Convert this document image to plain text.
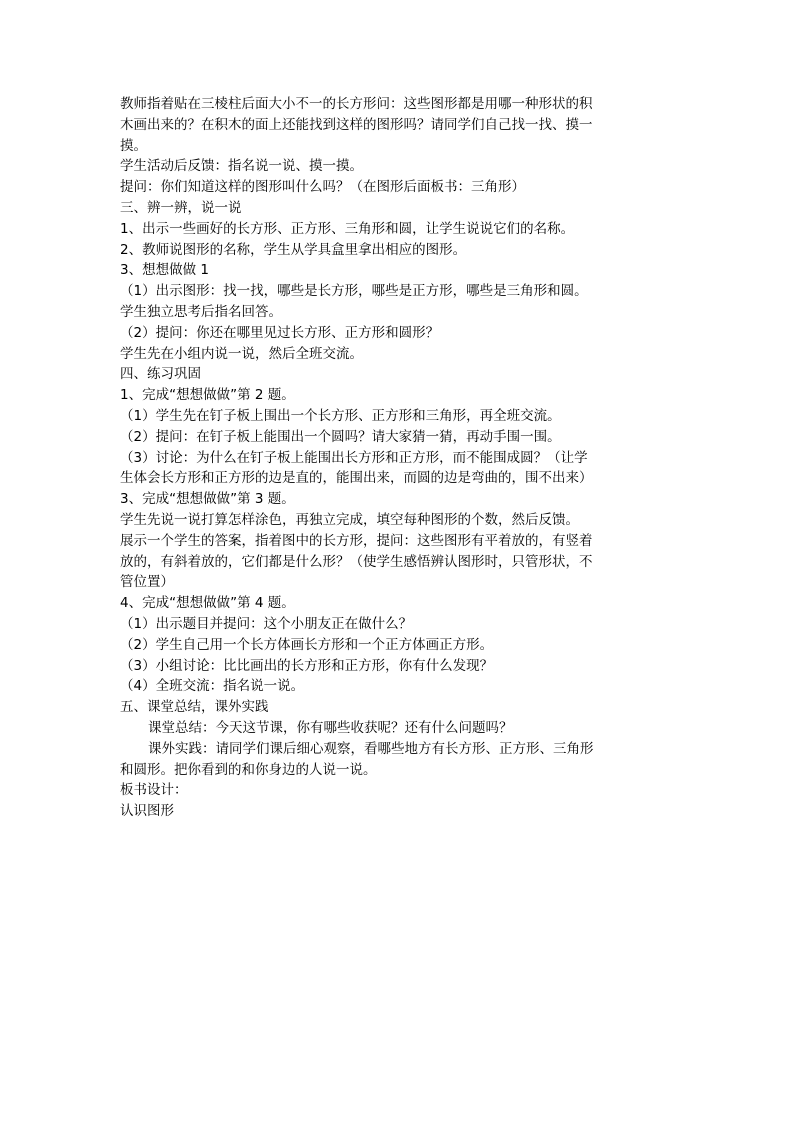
教师指着贴在三棱柱后面大小不一的长方形问：这些图形都是用哪一种形状的积
木画出来的？在积木的面上还能找到这样的图形吗？请同学们自己找一找、摸一
摸。
学生活动后反馈：指名说一说、摸一摸。
提问：你们知道这样的图形叫什么吗？（在图形后面板书：三角形）
三、辨一辨，说一说
1、出示一些画好的长方形、正方形、三角形和圆，让学生说说它们的名称。
2、教师说图形的名称，学生从学具盒里拿出相应的图形。
3、想想做做 1
（1）出示图形：找一找，哪些是长方形，哪些是正方形，哪些是三角形和圆。
学生独立思考后指名回答。
（2）提问：你还在哪里见过长方形、正方形和圆形？
学生先在小组内说一说，然后全班交流。
四、练习巩固
1、完成“想想做做”第 2 题。
（1）学生先在钉子板上围出一个长方形、正方形和三角形，再全班交流。
（2）提问：在钉子板上能围出一个圆吗？请大家猜一猜，再动手围一围。
（3）讨论：为什么在钉子板上能围出长方形和正方形，而不能围成圆？（让学
生体会长方形和正方形的边是直的，能围出来，而圆的边是弯曲的，围不出来）
3、完成“想想做做”第 3 题。
学生先说一说打算怎样涂色，再独立完成，填空每种图形的个数，然后反馈。
展示一个学生的答案，指着图中的长方形，提问：这些图形有平着放的，有竖着
放的，有斜着放的，它们都是什么形？（使学生感悟辨认图形时，只管形状，不
管位置）
4、完成“想想做做”第 4 题。
（1）出示题目并提问：这个小朋友正在做什么？
（2）学生自己用一个长方体画长方形和一个正方体画正方形。
（3）小组讨论：比比画出的长方形和正方形，你有什么发现？
（4）全班交流：指名说一说。
五、课堂总结，课外实践
课堂总结：今天这节课，你有哪些收获呢？还有什么问题吗？
课外实践：请同学们课后细心观察，看哪些地方有长方形、正方形、三角形
和圆形。把你看到的和你身边的人说一说。
板书设计：
认识图形
